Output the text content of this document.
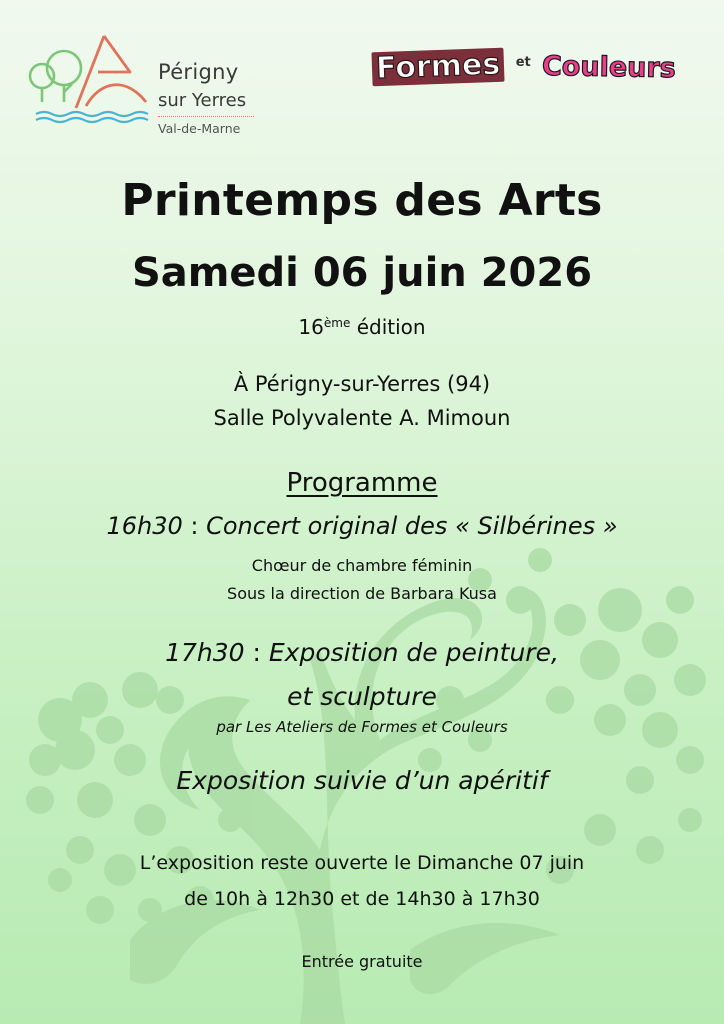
Périgny
sur Yerres
Val-de-Marne
Formes et Couleurs
Printemps des Arts
Samedi 06 juin 2026
16ème édition
À Périgny-sur-Yerres (94)
Salle Polyvalente A. Mimoun
Programme
16h30 : Concert original des « Silbérines »
Chœur de chambre féminin
Sous la direction de Barbara Kusa
17h30 : Exposition de peinture,
et sculpture
par Les Ateliers de Formes et Couleurs
Exposition suivie d’un apéritif
L’exposition reste ouverte le Dimanche 07 juin
de 10h à 12h30 et de 14h30 à 17h30
Entrée gratuite
